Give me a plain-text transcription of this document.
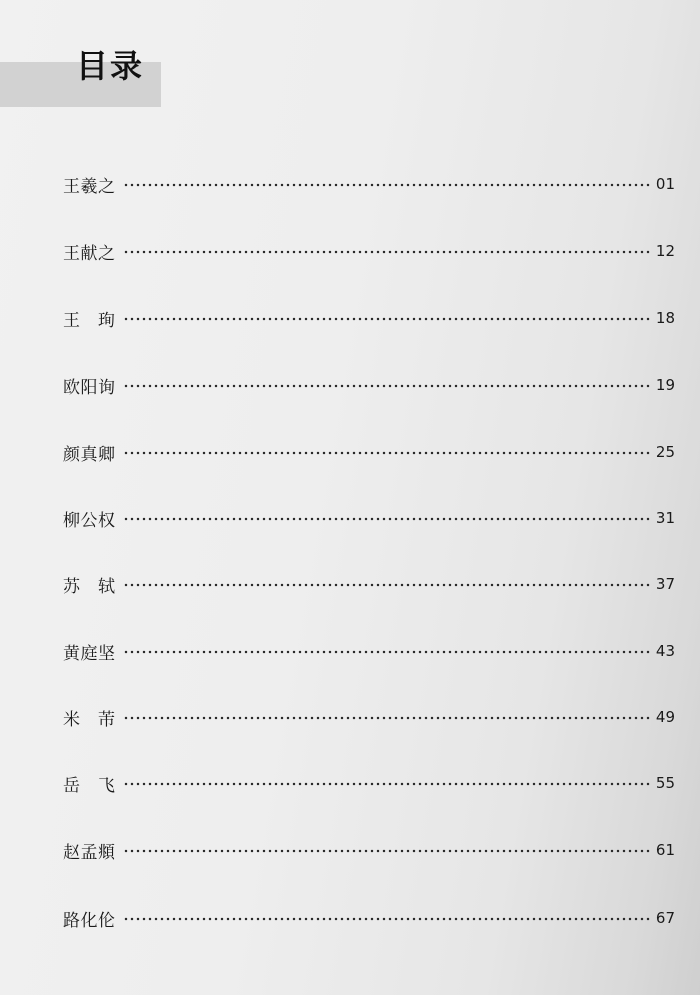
目录
王羲之	01
王献之	12
王　珣	18
欧阳询	19
颜真卿	25
柳公权	31
苏　轼	37
黄庭坚	43
米　芾	49
岳　飞	55
赵孟頫	61
路化伦	67
